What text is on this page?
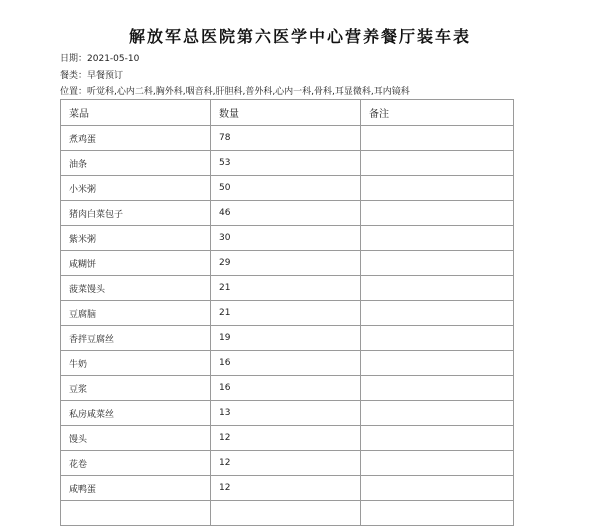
解放军总医院第六医学中心营养餐厅装车表
日期：2021-05-10
餐类：早餐预订
位置：听觉科,心内二科,胸外科,咽音科,肝胆科,普外科,心内一科,骨科,耳显微科,耳内镜科
菜品	数量	备注
煮鸡蛋	78	
油条	53	
小米粥	50	
猪肉白菜包子	46	
紫米粥	30	
咸糊饼	29	
菠菜馒头	21	
豆腐脑	21	
香拌豆腐丝	19	
牛奶	16	
豆浆	16	
私房咸菜丝	13	
馒头	12	
花卷	12	
咸鸭蛋	12	
